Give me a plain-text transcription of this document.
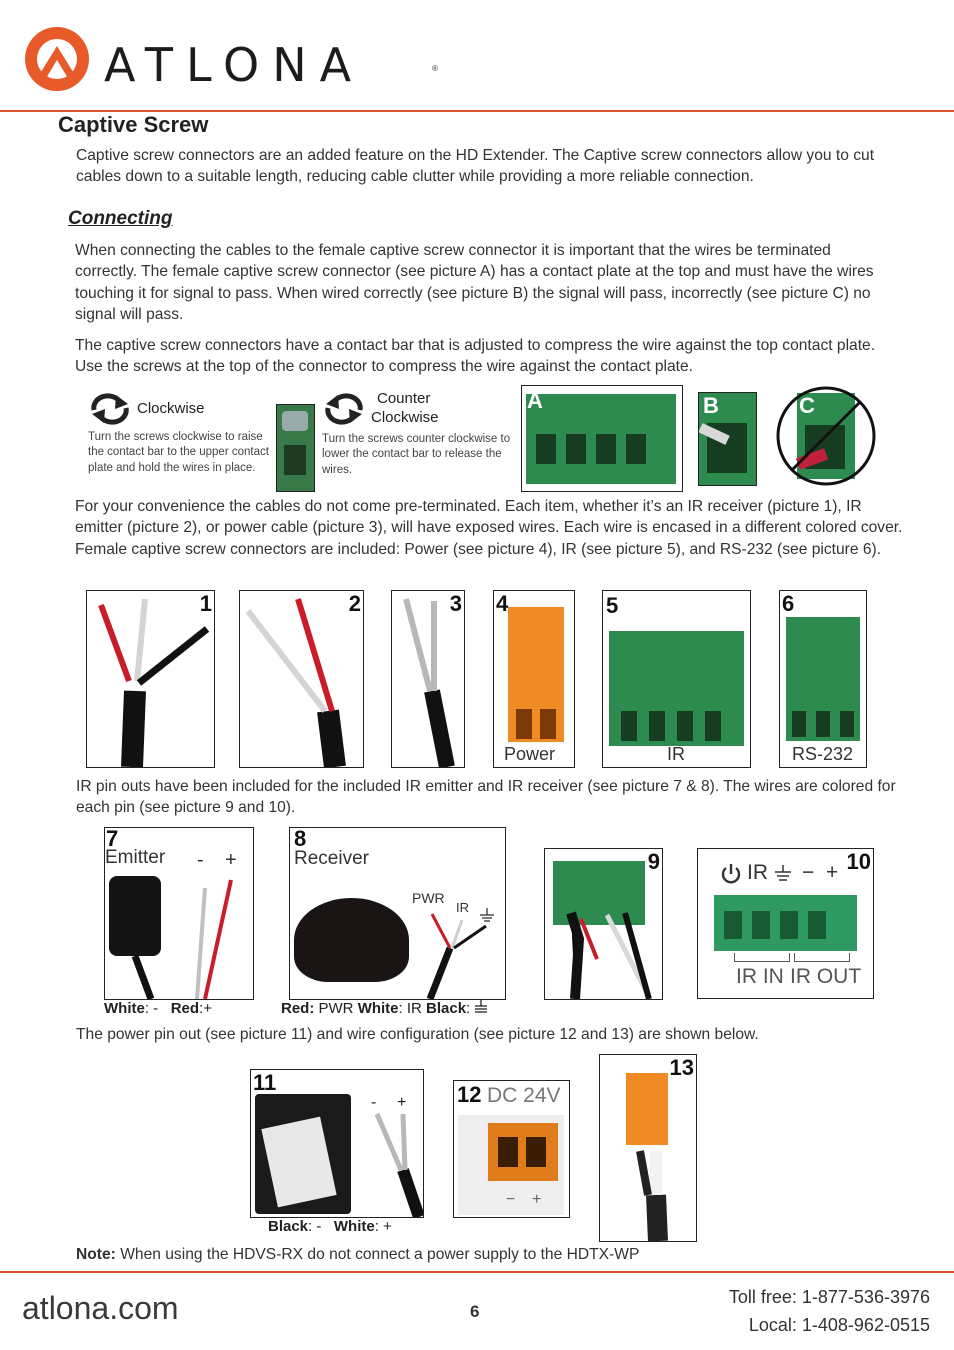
ATLONA	®
Captive Screw
Captive screw connectors are an added feature on the HD Extender. The Captive screw connectors allow you to cut cables down to a suitable length, reducing cable clutter while providing a more reliable connection.
Connecting
When connecting the cables to the female captive screw connector it is important that the wires be terminated correctly. The female captive screw connector (see picture A) has a contact plate at the top and must have the wires touching it for signal to pass. When wired correctly (see picture B) the signal will pass, incorrectly (see picture C) no signal will pass.
The captive screw connectors have a contact bar that is adjusted to compress the wire against the top contact plate. Use the screws at the top of the connector to compress the wire against the contact plate.
Clockwise
Turn the screws clockwise to raise the contact bar to the upper contact plate and hold the wires in place.
Counter
Clockwise
Turn the screws counter clockwise to lower the contact bar to release the wires.
A	B	C
For your convenience the cables do not come pre-terminated. Each item, whether it’s an IR receiver (picture 1), IR emitter (picture 2), or power cable (picture 3), will have exposed wires. Each wire is encased in a different colored cover. Female captive screw connectors are included: Power (see picture 4), IR (see picture 5), and RS-232 (see picture 6).
1	2	3 4
Power
5
IR
6
RS-232
IR pin outs have been included for the included IR emitter and IR receiver (see picture 7 & 8). The wires are colored for each pin (see picture 9 and 10).
7
Emitter - +
8
Receiver
PWR
IR
9	IR − + 10
IR IN IR OUT
White: - Red:+	Red: PWR White: IR Black:
The power pin out (see picture 11) and wire configuration (see picture 12 and 13) are shown below.
11
- +
Black: - White: +
12 DC 24V
− +
13
Note: When using the HDVS-RX do not connect a power supply to the HDTX-WP
atlona.com	6
Toll free: 1-877-536-3976
Local: 1-408-962-0515
